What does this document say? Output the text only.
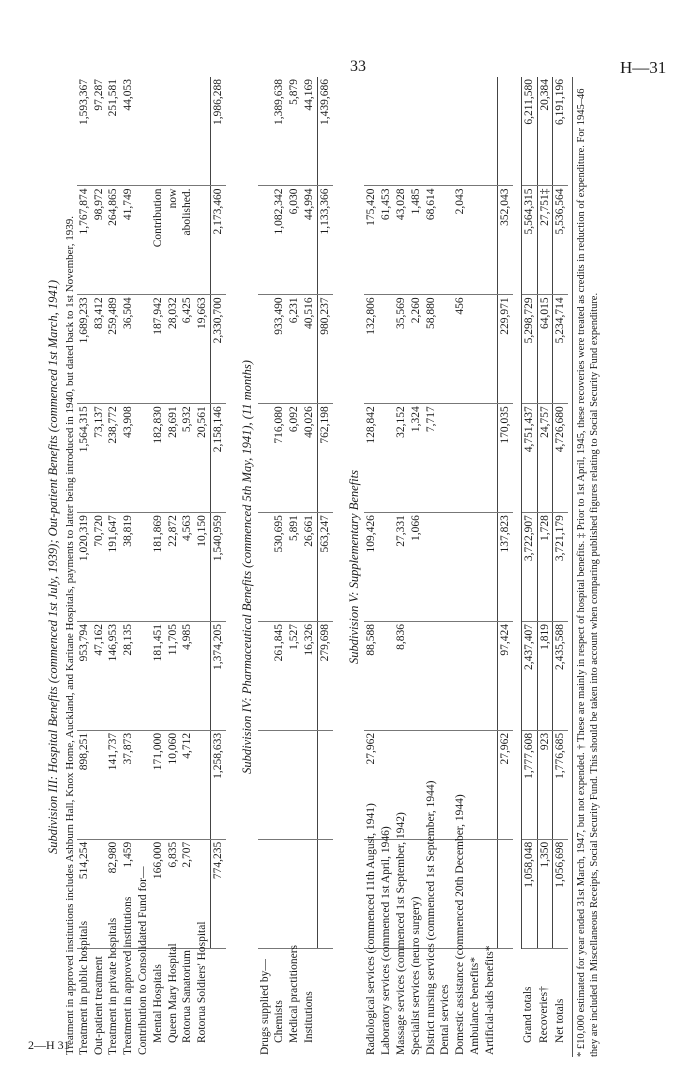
33	H—31
2—H 31
Subdivision III: Hospital Benefits (commenced 1st July, 1939); Out-patient Benefits (commenced 1st March, 1941)								
Treatment in approved institutions includes Ashburn Hall, Knox Home, Auckland, and Karitane Hospitals, payments to latter being introduced in 1940, but dated back to 1st November, 1939.								
Treatment in public hospitals	514,254	898,251	953,794	1,020,319	1,564,315	1,689,233	1,767,874	1,593,367
Out-patient treatment			47,162	70,720	73,137	83,412	98,972	97,287
Treatment in private hospitals	82,980	141,737	146,953	191,647	238,772	259,489	264,865	251,581
Treatment in approved institutions	1,459	37,873	28,135	38,819	43,908	36,504	41,749	44,053
Contribution to Consolidated Fund for—								
Mental Hospitals	166,000	171,000	181,451	181,869	182,830	187,942	Contribution	
Queen Mary Hospital	6,835	10,060	11,705	22,872	28,691	28,032	now	
Rotorua Sanatorium	2,707	4,712	4,985	4,563	5,932	6,425	abolished.	
Rotorua Soldiers' Hospital				10,150	20,561	19,663		
	774,235	1,258,633	1,374,205	1,540,959	2,158,146	2,330,700	2,173,460	1,986,288

Subdivision IV: Pharmaceutical Benefits (commenced 5th May, 1941), (11 months)								
Drugs supplied by—								
Chemists			261,845	530,695	716,080	933,490	1,082,342	1,389,638
Medical practitioners			1,527	5,891	6,092	6,231	6,030	5,879
Institutions			16,326	26,661	40,026	40,516	44,994	44,169
			279,698	563,247	762,198	980,237	1,133,366	1,439,686

Subdivision V: Supplementary Benefits								
Radiological services (commenced 11th August, 1941)		27,962	88,588	109,426	128,842	132,806	175,420	
Laboratory services (commenced 1st April, 1946)							61,453	
Massage services (commenced 1st September, 1942)			8,836	27,331	32,152	35,569	43,028	
Specialist services (neuro surgery)				1,066	1,324	2,260	1,485	
District nursing services (commenced 1st September, 1944)					7,717	58,880	68,614	
Dental services								
Domestic assistance (commenced 20th December, 1944)						456	2,043	
Ambulance benefits*								
Artificial-aids benefits*								
		27,962	97,424	137,823	170,035	229,971	352,043	

Grand totals	1,058,048	1,777,608	2,437,407	3,722,907	4,751,437	5,298,729	5,564,315	6,211,580
Recoveries†	1,350	923	1,819	1,728	24,757	64,015	27,751‡	20,384
Net totals	1,056,698	1,776,685	2,435,588	3,721,179	4,726,680	5,234,714	5,536,564	6,191,196
* £10,000 estimated for year ended 31st March, 1947, but not expended. † These are mainly in respect of hospital benefits. ‡ Prior to 1st April, 1945, these recoveries were treated as credits in reduction of expenditure. For 1945–46 they are included in Miscellaneous Receipts, Social Security Fund. This should be taken into account when comparing published figures relating to Social Security Fund expenditure.
